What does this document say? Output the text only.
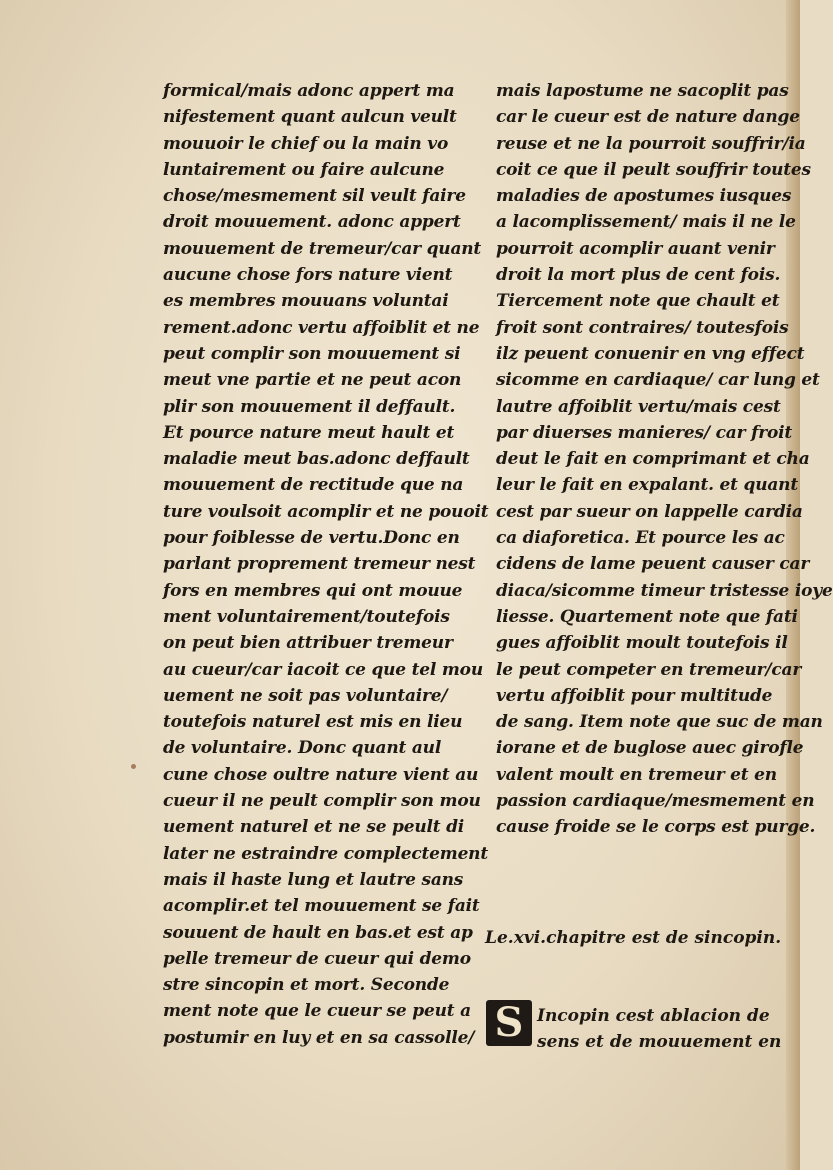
formical/mais adonc appert ma
nifestement quant aulcun veult
mouuoir le chief ou la main vo
luntairement ou faire aulcune
chose/mesmement sil veult faire
droit mouuement. adonc appert
mouuement de tremeur/car quant
aucune chose fors nature vient
es membres mouuans voluntai
rement.adonc vertu affoiblit et ne
peut complir son mouuement si
meut vne partie et ne peut acon
plir son mouuement il deffault.
Et pource nature meut hault et
maladie meut bas.adonc deffault
mouuement de rectitude que na
ture voulsoit acomplir et ne pouoit
pour foiblesse de vertu.Donc en
parlant proprement tremeur nest
fors en membres qui ont mouue
ment voluntairement/toutefois
on peut bien attribuer tremeur
au cueur/car iacoit ce que tel mou
uement ne soit pas voluntaire/
toutefois naturel est mis en lieu
de voluntaire. Donc quant aul
cune chose oultre nature vient au
cueur il ne peult complir son mou
uement naturel et ne se peult di
later ne estraindre complectement
mais il haste lung et lautre sans
acomplir.et tel mouuement se fait
souuent de hault en bas.et est ap
pelle tremeur de cueur qui demo
stre sincopin et mort. Seconde
ment note que le cueur se peut a
postumir en luy et en sa cassolle/
mais lapostume ne sacoplit pas
car le cueur est de nature dange
reuse et ne la pourroit souffrir/ia
coit ce que il peult souffrir toutes
maladies de apostumes iusques
a lacomplissement/ mais il ne le
pourroit acomplir auant venir
droit la mort plus de cent fois.
Tiercement note que chault et
froit sont contraires/ toutesfois
ilz peuent conuenir en vng effect
sicomme en cardiaque/ car lung et
lautre affoiblit vertu/mais cest
par diuerses manieres/ car froit
deut le fait en comprimant et cha
leur le fait en expalant. et quant
cest par sueur on lappelle cardia
ca diaforetica. Et pource les ac
cidens de lame peuent causer car
diaca/sicomme timeur tristesse ioye
liesse. Quartement note que fati
gues affoiblit moult toutefois il
le peut competer en tremeur/car
vertu affoiblit pour multitude
de sang. Item note que suc de man
iorane et de buglose auec girofle
valent moult en tremeur et en
passion cardiaque/mesmement en
cause froide se le corps est purge.
Le.xvi.chapitre est de sincopin.
S Incopin cest ablacion de
sens et de mouuement en
